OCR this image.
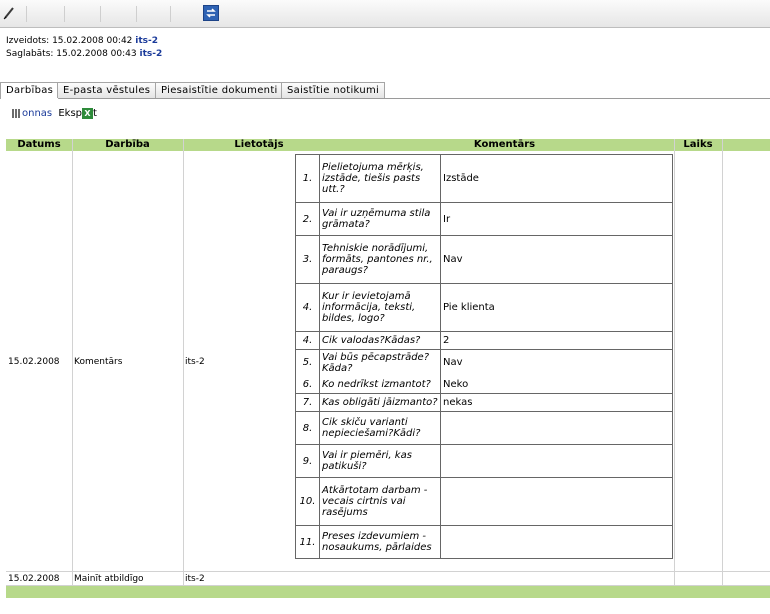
Izveidots: 15.02.2008 00:42 its-2
Saglabāts: 15.02.2008 00:43 its-2
Darbības E-pasta vēstules	Piesaistītie dokumenti Saistītie notikumi
onnas Eksp X t
Datums	Darbība	Lietotājs	Komentārs	Laiks
15.02.2008 Komentārs	its-2
1.	Pielietojuma mērķis, izstāde, tiešis pasts utt.?	Izstāde
2.	Vai ir uzņēmuma stila grāmata?	Ir
3.	Tehniskie norādījumi, formāts, pantones nr., paraugs?	Nav
4.	Kur ir ievietojamā informācija, teksti, bildes, logo?	Pie klienta
4.	Cik valodas?Kādas?	2
5.	Vai būs pēcapstrāde? Kāda?	Nav
6.	Ko nedrīkst izmantot?	Neko
7.	Kas obligāti jāizmanto?	nekas
8.	Cik skiču varianti nepieciešami?Kādi?	
9.	Vai ir piemēri, kas patikuši?	
10.	Atkārtotam darbam - vecais cirtnis vai rasējums	
11.	Preses izdevumiem - nosaukums, pārlaides	
15.02.2008 Mainīt atbildīgo	its-2
